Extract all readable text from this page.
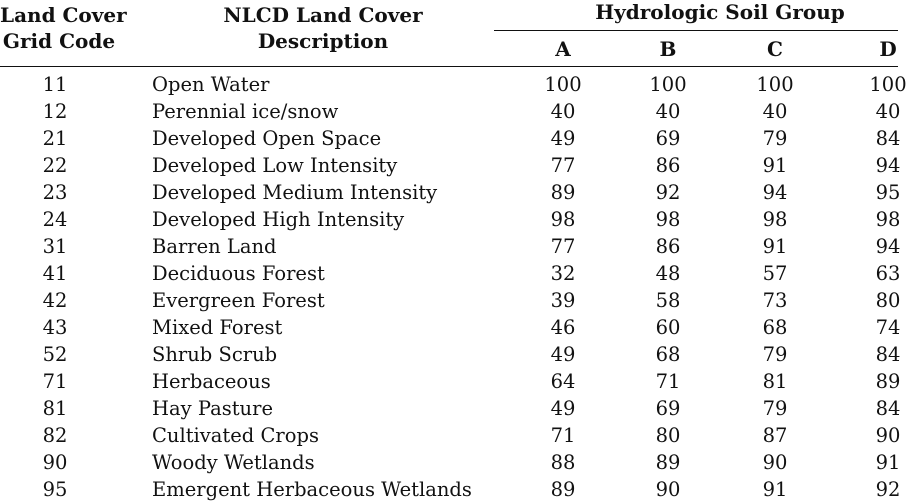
Land Cover
Grid Code
NLCD Land Cover
Description
Hydrologic Soil Group
A	B	C	D
11	Open Water	100	100	100	100
12	Perennial ice/snow	40	40	40	40
21	Developed Open Space	49	69	79	84
22	Developed Low Intensity	77	86	91	94
23	Developed Medium Intensity	89	92	94	95
24	Developed High Intensity	98	98	98	98
31	Barren Land	77	86	91	94
41	Deciduous Forest	32	48	57	63
42	Evergreen Forest	39	58	73	80
43	Mixed Forest	46	60	68	74
52	Shrub Scrub	49	68	79	84
71	Herbaceous	64	71	81	89
81	Hay Pasture	49	69	79	84
82	Cultivated Crops	71	80	87	90
90	Woody Wetlands	88	89	90	91
95	Emergent Herbaceous Wetlands	89	90	91	92
